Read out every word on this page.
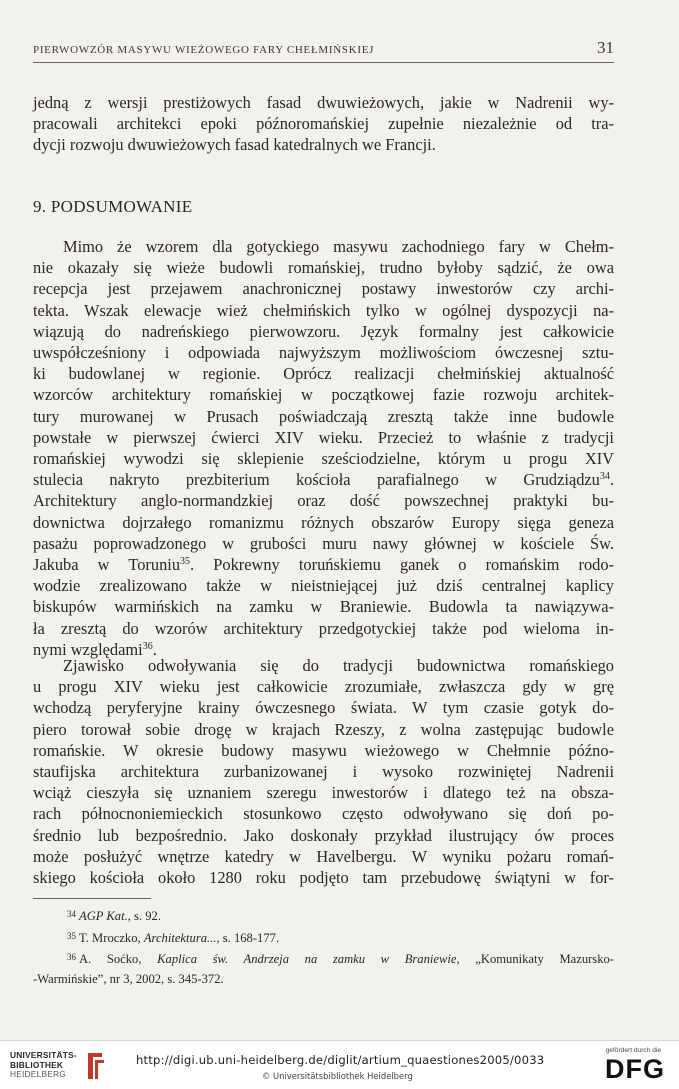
PIERWOWZÓR MASYWU WIEŻOWEGO FARY CHEŁMIŃSKIEJ	31
jedną z wersji prestiżowych fasad dwuwieżowych, jakie w Nadrenii wy-
pracowali architekci epoki późnoromańskiej zupełnie niezależnie od tra-
dycji rozwoju dwuwieżowych fasad katedralnych we Francji.
9. PODSUMOWANIE
Mimo że wzorem dla gotyckiego masywu zachodniego fary w Chełm-
nie okazały się wieże budowli romańskiej, trudno byłoby sądzić, że owa
recepcja jest przejawem anachronicznej postawy inwestorów czy archi-
tekta. Wszak elewacje wież chełmińskich tylko w ogólnej dyspozycji na-
wiązują do nadreńskiego pierwowzoru. Język formalny jest całkowicie
uwspółcześniony i odpowiada najwyższym możliwościom ówczesnej sztu-
ki budowlanej w regionie. Oprócz realizacji chełmińskiej aktualność
wzorców architektury romańskiej w początkowej fazie rozwoju architek-
tury murowanej w Prusach poświadczają zresztą także inne budowle
powstałe w pierwszej ćwierci XIV wieku. Przecież to właśnie z tradycji
romańskiej wywodzi się sklepienie sześciodzielne, którym u progu XIV
stulecia nakryto prezbiterium kościoła parafialnego w Grudziądzu$^{34}$.
Architektury anglo-normandzkiej oraz dość powszechnej praktyki bu-
downictwa dojrzałego romanizmu różnych obszarów Europy sięga geneza
pasażu poprowadzonego w grubości muru nawy głównej w kościele Św.
Jakuba w Toruniu$^{35}$. Pokrewny toruńskiemu ganek o romańskim rodo-
wodzie zrealizowano także w nieistniejącej już dziś centralnej kaplicy
biskupów warmińskich na zamku w Braniewie. Budowla ta nawiązywa-
ła zresztą do wzorów architektury przedgotyckiej także pod wieloma in-
nymi względami$^{36}$.
Zjawisko odwoływania się do tradycji budownictwa romańskiego
u progu XIV wieku jest całkowicie zrozumiałe, zwłaszcza gdy w grę
wchodzą peryferyjne krainy ówczesnego świata. W tym czasie gotyk do-
piero torował sobie drogę w krajach Rzeszy, z wolna zastępując budowle
romańskie. W okresie budowy masywu wieżowego w Chełmnie późno-
staufijska architektura zurbanizowanej i wysoko rozwiniętej Nadrenii
wciąż cieszyła się uznaniem szeregu inwestorów i dlatego też na obsza-
rach północnoniemieckich stosunkowo często odwoływano się doń po-
średnio lub bezpośrednio. Jako doskonały przykład ilustrujący ów proces
może posłużyć wnętrze katedry w Havelbergu. W wyniku pożaru romań-
skiego kościoła około 1280 roku podjęto tam przebudowę świątyni w for-
$^{34}$ AGP Kat., s. 92.
$^{35}$ T. Mroczko, Architektura..., s. 168-177.
$^{36}$ A. Soćko, Kaplica św. Andrzeja na zamku w Braniewie, „Komunikaty Mazursko-
-Warmińskie”, nr 3, 2002, s. 345-372.
UNIVERSITÄTS-
BIBLIOTHEK
HEIDELBERG
http://digi.ub.uni-heidelberg.de/diglit/artium_quaestiones2005/0033
© Universitätsbibliothek Heidelberg
gefördert durch die
DFG
